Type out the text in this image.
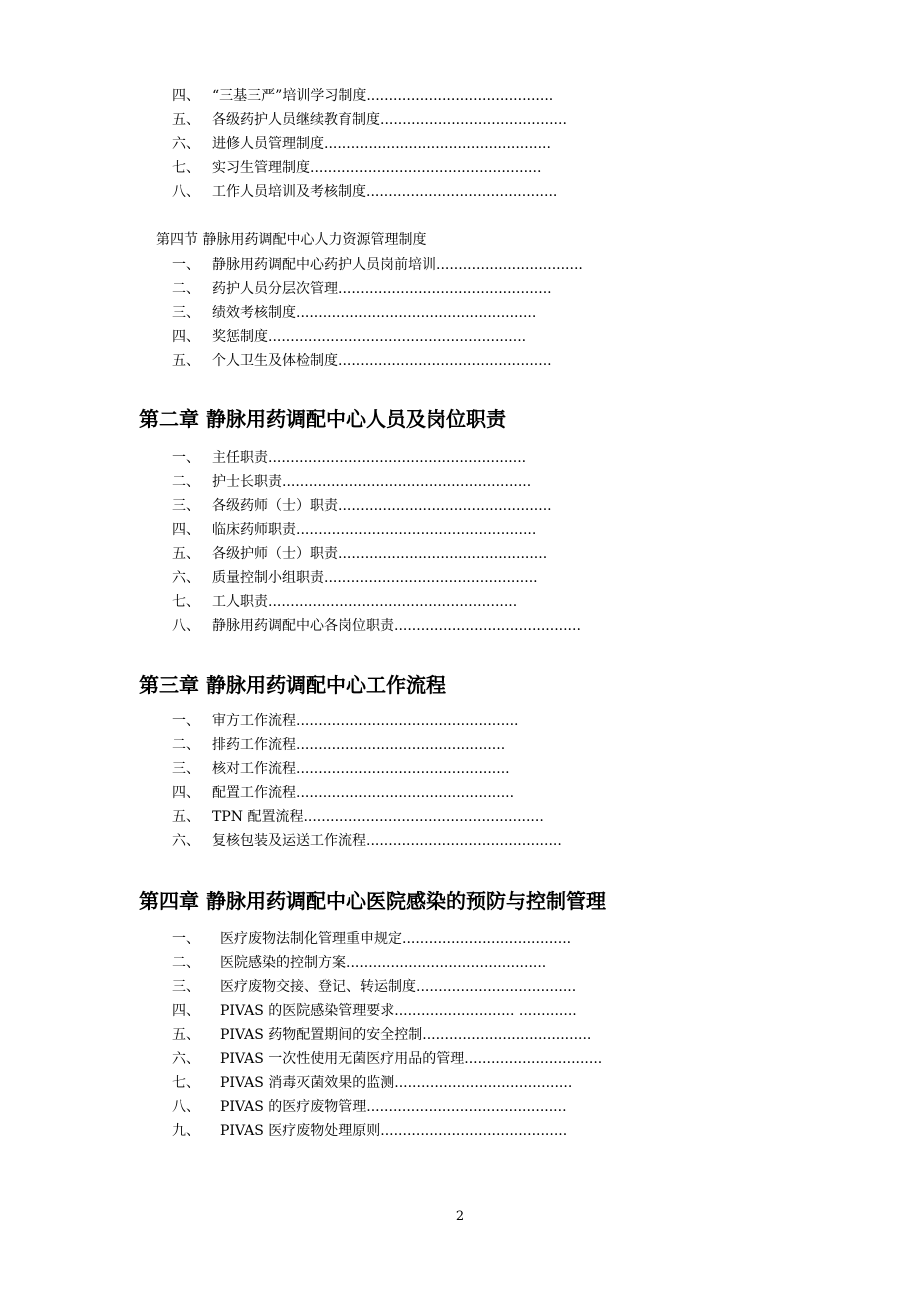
四、 “三基三严”培训学习制度..........................................
五、 各级药护人员继续教育制度..........................................
六、 进修人员管理制度...................................................
七、 实习生管理制度....................................................
八、 工作人员培训及考核制度...........................................
第四节 静脉用药调配中心人力资源管理制度
一、 静脉用药调配中心药护人员岗前培训.................................
二、 药护人员分层次管理................................................
三、 绩效考核制度......................................................
四、 奖惩制度..........................................................
五、 个人卫生及体检制度................................................
第二章 静脉用药调配中心人员及岗位职责
一、 主任职责..........................................................
二、 护士长职责........................................................
三、 各级药师（士）职责................................................
四、 临床药师职责......................................................
五、 各级护师（士）职责...............................................
六、 质量控制小组职责................................................
七、 工人职责........................................................
八、 静脉用药调配中心各岗位职责..........................................
第三章 静脉用药调配中心工作流程
一、 审方工作流程..................................................
二、 排药工作流程...............................................
三、 核对工作流程................................................
四、 配置工作流程.................................................
五、 TPN 配置流程......................................................
六、 复核包装及运送工作流程............................................
第四章 静脉用药调配中心医院感染的预防与控制管理
一、	医疗废物法制化管理重申规定......................................
二、	医院感染的控制方案.............................................
三、	医疗废物交接、登记、转运制度....................................
四、	PIVAS 的医院感染管理要求........................... .............
五、	PIVAS 药物配置期间的安全控制......................................
六、	PIVAS 一次性使用无菌医疗用品的管理...............................
七、	PIVAS 消毒灭菌效果的监测........................................
八、	PIVAS 的医疗废物管理.............................................
九、	PIVAS 医疗废物处理原则..........................................
2
